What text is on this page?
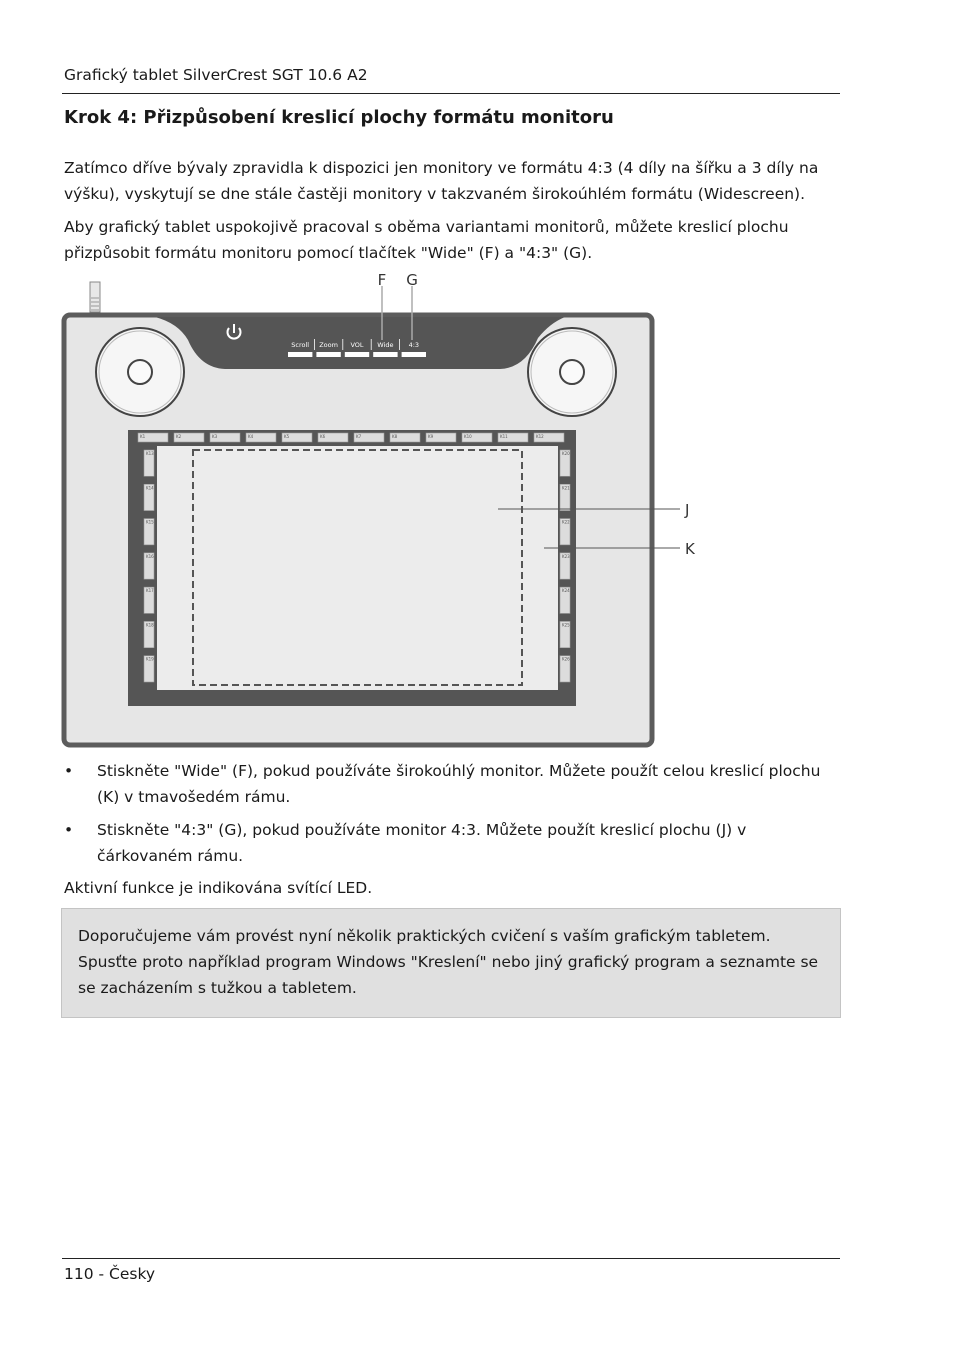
Grafický tablet SilverCrest SGT 10.6 A2
Krok 4: Přizpůsobení kreslicí plochy formátu monitoru

Zatímco dříve bývaly zpravidla k dispozici jen monitory ve formátu 4:3 (4 díly na šířku a 3 díly na výšku), vyskytují se dne stále častěji monitory v takzvaném širokoúhlém formátu (Widescreen).

Aby grafický tablet uspokojivě pracoval s oběma variantami monitorů, můžete kreslicí plochu přizpůsobit formátu monitoru pomocí tlačítek "Wide" (F) a "4:3" (G).

Scroll Zoom VOL Wide 4:3
F G
K1	K2	K3	K4	K5	K6	K7	K8	K9	K10	K11	K12
K13
K14
K15
K16
K17
K18
K19
K20
K21
K22
K23
K24
K25
K26
J
K
•	Stiskněte "Wide" (F), pokud používáte širokoúhlý monitor. Můžete použít celou kreslicí plochu (K) v tmavošedém rámu.
•	Stiskněte "4:3" (G), pokud používáte monitor 4:3. Můžete použít kreslicí plochu (J) v čárkovaném rámu.

Aktivní funkce je indikována svítící LED.

Doporučujeme vám provést nyní několik praktických cvičení s vaším grafickým tabletem. Spusťte proto například program Windows "Kreslení" nebo jiný grafický program a seznamte se se zacházením s tužkou a tabletem.

110 - Česky
